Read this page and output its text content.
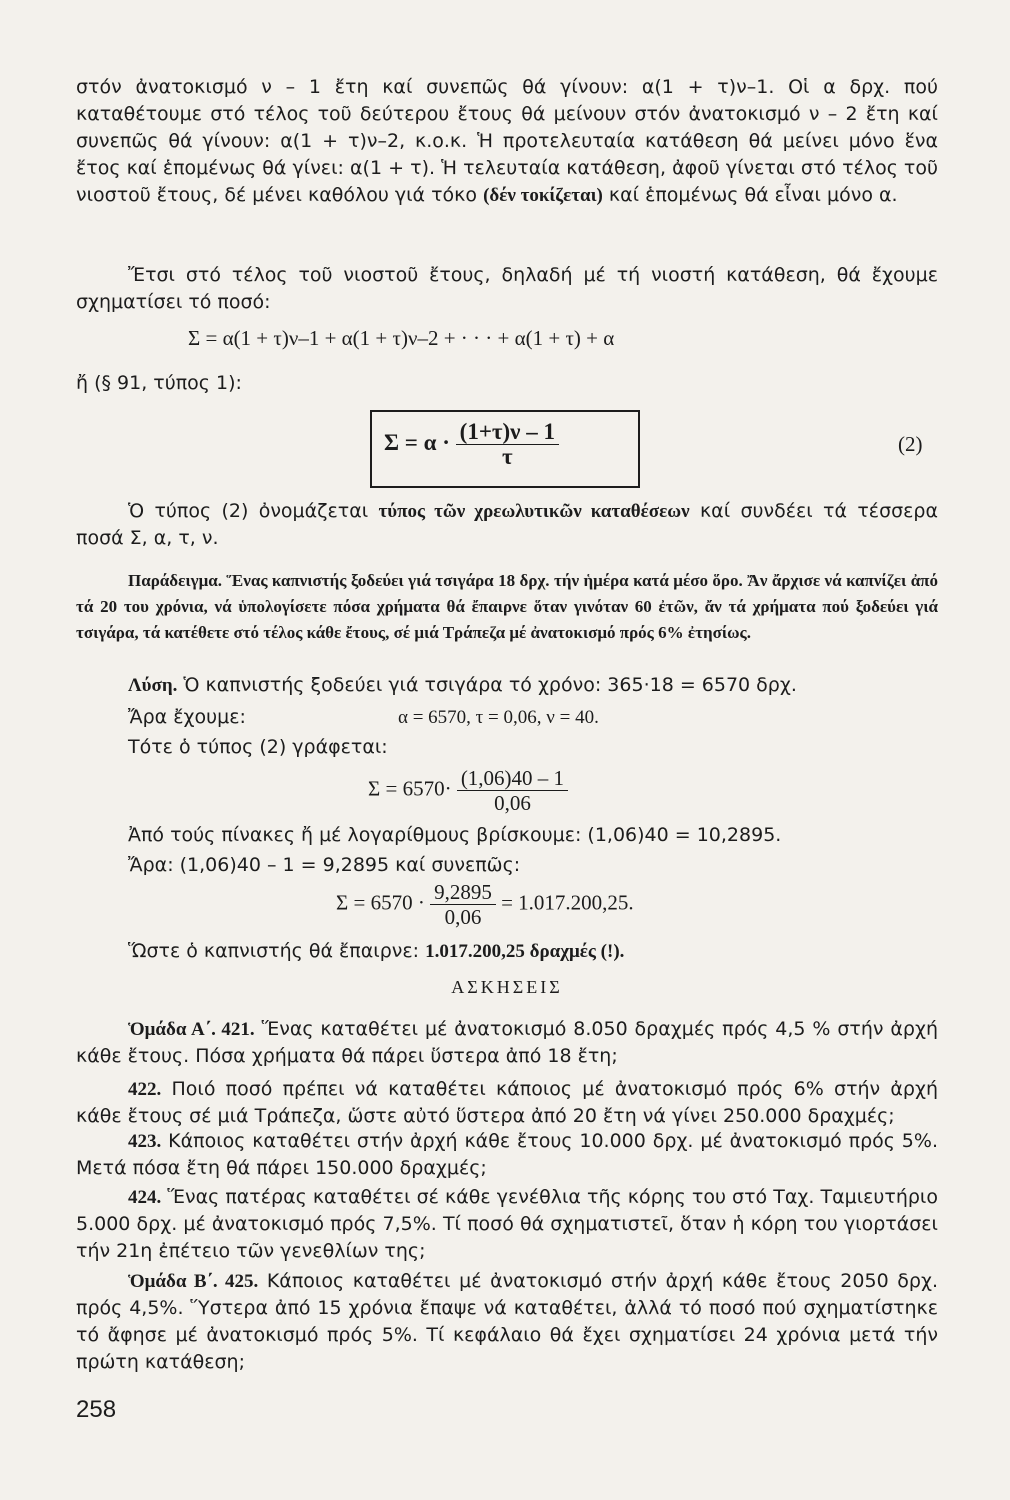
στόν ἀνατοκισμό ν – 1 ἔτη καί συνεπῶς θά γίνουν: α(1 + τ)ν–1. Οἱ α δρχ. πού καταθέτουμε στό τέλος τοῦ δεύτερου ἔτους θά μείνουν στόν ἀνατοκισμό ν – 2 ἔτη καί συνεπῶς θά γίνουν: α(1 + τ)ν–2, κ.ο.κ. Ἡ προτελευταία κατάθεση θά μείνει μόνο ἕνα ἔτος καί ἑπομένως θά γίνει: α(1 + τ). Ἡ τελευταία κατάθεση, ἀφοῦ γίνεται στό τέλος τοῦ νιοστοῦ ἔτους, δέ μένει καθόλου γιά τόκο (δέν τοκίζεται) καί ἑπομένως θά εἶναι μόνο α.
Ἔτσι στό τέλος τοῦ νιοστοῦ ἔτους, δηλαδή μέ τή νιοστή κατάθεση, θά ἔχουμε σχηματίσει τό ποσό:
Σ = α(1 + τ)ν–1 + α(1 + τ)ν–2 + · · · + α(1 + τ) + α
ἤ (§ 91, τύπος 1):
$\Sigma = \alpha \cdot \frac{(1+\tau)\nu - 1}{\tau}$	(2)
Ὁ τύπος (2) ὀνομάζεται τύπος τῶν χρεωλυτικῶν καταθέσεων καί συνδέει τά τέσσερα ποσά Σ, α, τ, ν.
Παράδειγμα. Ἕνας καπνιστής ξοδεύει γιά τσιγάρα 18 δρχ. τήν ἡμέρα κατά μέσο ὅρο. Ἄν ἄρχισε νά καπνίζει ἀπό τά 20 του χρόνια, νά ὑπολογίσετε πόσα χρήματα θά ἔπαιρνε ὅταν γινόταν 60 ἐτῶν, ἄν τά χρήματα πού ξοδεύει γιά τσιγάρα, τά κατέθετε στό τέλος κάθε ἔτους, σέ μιά Τράπεζα μέ ἀνατοκισμό πρός 6% ἐτησίως.
Λύση. Ὁ καπνιστής ξοδεύει γιά τσιγάρα τό χρόνο: 365·18 = 6570 δρχ.
Ἄρα ἔχουμε:	α = 6570, τ = 0,06, ν = 40.
Τότε ὁ τύπος (2) γράφεται:
$\Sigma = 6570\cdot \frac{(1,06)40 - 1}{0,06}$
Ἀπό τούς πίνακες ἤ μέ λογαρίθμους βρίσκουμε: (1,06)40 = 10,2895.
Ἄρα: (1,06)40 – 1 = 9,2895 καί συνεπῶς:
$\Sigma = 6570 \cdot \frac{9,2895}{0,06} = 1.017.200,25$.
Ὥστε ὁ καπνιστής θά ἔπαιρνε: 1.017.200,25 δραχμές (!).
ΑΣΚΗΣΕΙΣ
Ὁμάδα Α΄. 421. Ἕνας καταθέτει μέ ἀνατοκισμό 8.050 δραχμές πρός 4,5 % στήν ἀρχή κάθε ἔτους. Πόσα χρήματα θά πάρει ὕστερα ἀπό 18 ἔτη;
422. Ποιό ποσό πρέπει νά καταθέτει κάποιος μέ ἀνατοκισμό πρός 6% στήν ἀρχή κάθε ἔτους σέ μιά Τράπεζα, ὥστε αὐτό ὕστερα ἀπό 20 ἔτη νά γίνει 250.000 δραχμές;
423. Κάποιος καταθέτει στήν ἀρχή κάθε ἔτους 10.000 δρχ. μέ ἀνατοκισμό πρός 5%. Μετά πόσα ἔτη θά πάρει 150.000 δραχμές;
424. Ἕνας πατέρας καταθέτει σέ κάθε γενέθλια τῆς κόρης του στό Ταχ. Ταμιευτήριο 5.000 δρχ. μέ ἀνατοκισμό πρός 7,5%. Τί ποσό θά σχηματιστεῖ, ὅταν ἡ κόρη του γιορτάσει τήν 21η ἐπέτειο τῶν γενεθλίων της;
Ὁμάδα Β΄. 425. Κάποιος καταθέτει μέ ἀνατοκισμό στήν ἀρχή κάθε ἔτους 2050 δρχ. πρός 4,5%. Ὕστερα ἀπό 15 χρόνια ἔπαψε νά καταθέτει, ἀλλά τό ποσό πού σχηματίστηκε τό ἄφησε μέ ἀνατοκισμό πρός 5%. Τί κεφάλαιο θά ἔχει σχηματίσει 24 χρόνια μετά τήν πρώτη κατάθεση;
258
